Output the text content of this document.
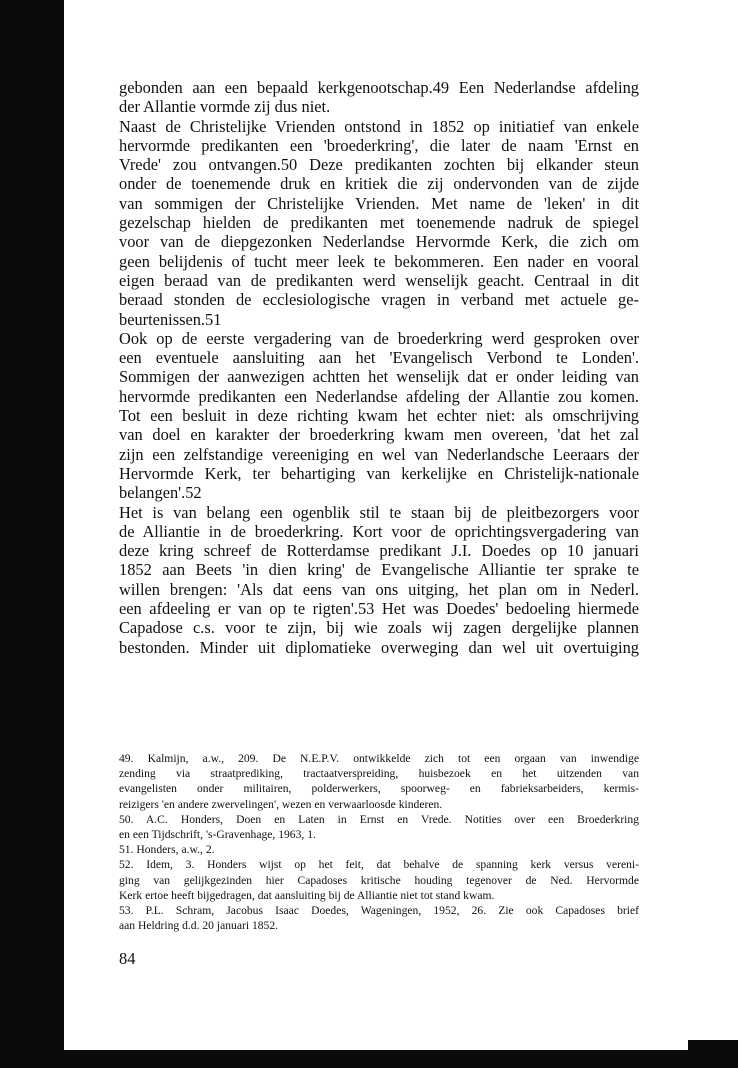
gebonden aan een bepaald kerkgenootschap.49 Een Nederlandse afdeling
der Allantie vormde zij dus niet.
Naast de Christelijke Vrienden ontstond in 1852 op initiatief van enkele
hervormde predikanten een 'broederkring', die later de naam 'Ernst en
Vrede' zou ontvangen.50 Deze predikanten zochten bij elkander steun
onder de toenemende druk en kritiek die zij ondervonden van de zijde
van sommigen der Christelijke Vrienden. Met name de 'leken' in dit
gezelschap hielden de predikanten met toenemende nadruk de spiegel
voor van de diepgezonken Nederlandse Hervormde Kerk, die zich om
geen belijdenis of tucht meer leek te bekommeren. Een nader en vooral
eigen beraad van de predikanten werd wenselijk geacht. Centraal in dit
beraad stonden de ecclesiologische vragen in verband met actuele ge-
beurtenissen.51
Ook op de eerste vergadering van de broederkring werd gesproken over
een eventuele aansluiting aan het 'Evangelisch Verbond te Londen'.
Sommigen der aanwezigen achtten het wenselijk dat er onder leiding van
hervormde predikanten een Nederlandse afdeling der Allantie zou komen.
Tot een besluit in deze richting kwam het echter niet: als omschrijving
van doel en karakter der broederkring kwam men overeen, 'dat het zal
zijn een zelfstandige vereeniging en wel van Nederlandsche Leeraars der
Hervormde Kerk, ter behartiging van kerkelijke en Christelijk-nationale
belangen'.52
Het is van belang een ogenblik stil te staan bij de pleitbezorgers voor
de Alliantie in de broederkring. Kort voor de oprichtingsvergadering van
deze kring schreef de Rotterdamse predikant J.I. Doedes op 10 januari
1852 aan Beets 'in dien kring' de Evangelische Alliantie ter sprake te
willen brengen: 'Als dat eens van ons uitging, het plan om in Nederl.
een afdeeling er van op te rigten'.53 Het was Doedes' bedoeling hiermede
Capadose c.s. voor te zijn, bij wie zoals wij zagen dergelijke plannen
bestonden. Minder uit diplomatieke overweging dan wel uit overtuiging
49. Kalmijn, a.w., 209. De N.E.P.V. ontwikkelde zich tot een orgaan van inwendige
zending via straatprediking, tractaatverspreiding, huisbezoek en het uitzenden van
evangelisten onder militairen, polderwerkers, spoorweg- en fabrieksarbeiders, kermis-
reizigers 'en andere zwervelingen', wezen en verwaarloosde kinderen.
50. A.C. Honders, Doen en Laten in Ernst en Vrede. Notities over een Broederkring
en een Tijdschrift, 's-Gravenhage, 1963, 1.
51. Honders, a.w., 2.
52. Idem, 3. Honders wijst op het feit, dat behalve de spanning kerk versus vereni-
ging van gelijkgezinden hier Capadoses kritische houding tegenover de Ned. Hervormde
Kerk ertoe heeft bijgedragen, dat aansluiting bij de Alliantie niet tot stand kwam.
53. P.L. Schram, Jacobus Isaac Doedes, Wageningen, 1952, 26. Zie ook Capadoses brief
aan Heldring d.d. 20 januari 1852.
84
